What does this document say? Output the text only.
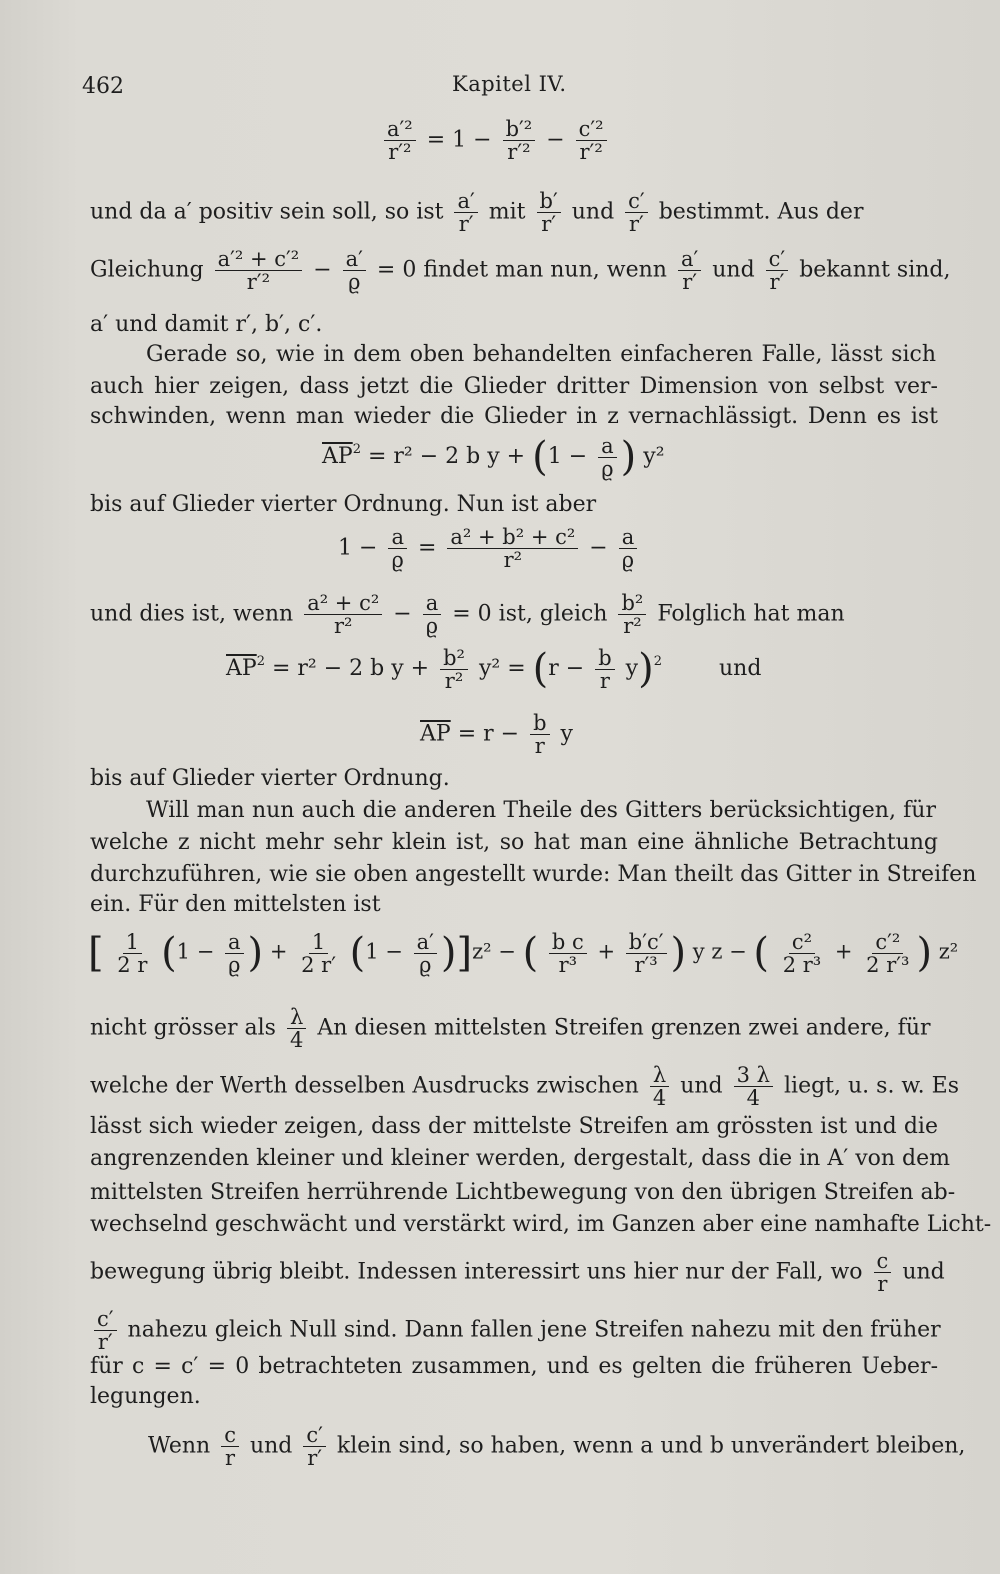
462	Kapitel IV.
$\frac{\text{a′²}}{\text{r′²}} = 1 - \frac{\text{b′²}}{\text{r′²}} - \frac{\text{c′²}}{\text{r′²}}$
und da a′ positiv sein soll, so ist $\frac{a'}{r'}$ mit $\frac{b'}{r'}$ und $\frac{c'}{r'}$ bestimmt. Aus der
Gleichung $\frac{\text{a′² + c′²}}{\text{r′²}} - \frac{a'}{ϱ} = 0$ findet man nun, wenn $\frac{a'}{r'}$ und $\frac{c'}{r'}$ bekannt sind,
a′ und damit r′, b′, c′.
Gerade so, wie in dem oben behandelten einfacheren Falle, lässt sich
auch hier zeigen, dass jetzt die Glieder dritter Dimension von selbst ver-
schwinden, wenn man wieder die Glieder in z vernachlässigt. Denn es ist
$\overline{AP}^2 = r^2 - 2$ b $y + (1 - \frac{a}{ϱ}$ ) y²
bis auf Glieder vierter Ordnung. Nun ist aber
$1 - \frac{a}{ϱ} = \frac{\text{a² + b² + c²}}{\text{r²}} - \frac{a}{ϱ}$
und dies ist, wenn $\frac{\text{a² + c²}}{\text{r²}} - \frac{a}{ϱ} = 0$ ist, gleich $\frac{\text{b²}}{\text{r²}}$ Folglich hat man
$\overline{AP}^2 = r^2 - 2$ b $y + \frac{\text{b²}}{\text{r²}} y^2 = (r - \frac{b}{r} y)^2$	und
$\overline{AP} = r - \frac{b}{r}$ y
bis auf Glieder vierter Ordnung.
Will man nun auch die anderen Theile des Gitters berücksichtigen, für
welche z nicht mehr sehr klein ist, so hat man eine ähnliche Betrachtung
durchzuführen, wie sie oben angestellt wurde: Man theilt das Gitter in Streifen
ein. Für den mittelsten ist
[ $\frac{1}{2 r} (1 - \frac{a}{ϱ}$ ) + $\frac{1}{2 r'} (1 - \frac{a'}{ϱ} )]z^2$ − ( $\frac{\text{b c}}{\text{r³}} + \frac{b'c'}{\text{r′³}}$ ) y z − ( $\frac{\text{c²}}{\text{2 r³}} + \frac{\text{c′²}}{\text{2 r′³}}$ ) z²
nicht grösser als $\frac{\lambda}{4}$ An diesen mittelsten Streifen grenzen zwei andere, für
welche der Werth desselben Ausdrucks zwischen $\frac{\lambda}{4}$ und $\frac{3 \lambda}{4}$ liegt, u. s. w. Es
lässt sich wieder zeigen, dass der mittelste Streifen am grössten ist und die
angrenzenden kleiner und kleiner werden, dergestalt, dass die in A′ von dem
mittelsten Streifen herrührende Lichtbewegung von den übrigen Streifen ab-
wechselnd geschwächt und verstärkt wird, im Ganzen aber eine namhafte Licht-
bewegung übrig bleibt. Indessen interessirt uns hier nur der Fall, wo $\frac{c}{r}$ und
$\frac{c'}{r'}$ nahezu gleich Null sind. Dann fallen jene Streifen nahezu mit den früher
für c = c′ = 0 betrachteten zusammen, und es gelten die früheren Ueber-
legungen.
Wenn $\frac{c}{r}$ und $\frac{c'}{r'}$ klein sind, so haben, wenn a und b unverändert bleiben,
